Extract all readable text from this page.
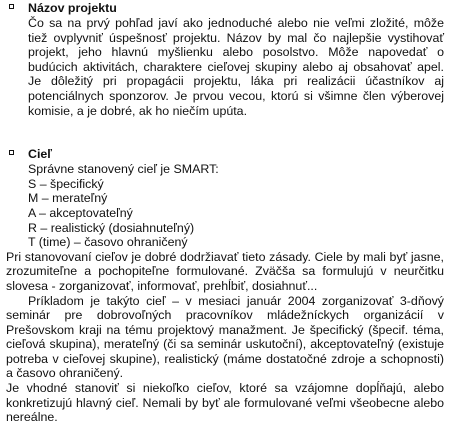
Názov projektu

Čo sa na prvý pohľad javí ako jednoduché alebo nie veľmi zložité, môže tiež ovplyvniť úspešnosť projektu. Názov by mal čo najlepšie vystihovať projekt, jeho hlavnú myšlienku alebo posolstvo. Môže napovedať o budúcich aktivitách, charaktere cieľovej skupiny alebo aj obsahovať apel. Je dôležitý pri propagácii projektu, láka pri realizácii účastníkov aj potenciálnych sponzorov. Je prvou vecou, ktorú si všimne člen výberovej komisie, a je dobré, ak ho niečím upúta.

Cieľ
Správne stanovený cieľ je SMART:
S – špecifický
M – merateľný
A – akceptovateľný
R – realistický (dosiahnuteľný)
T (time) – časovo ohraničený

Pri stanovovaní cieľov je dobré dodržiavať tieto zásady. Ciele by mali byť jasne, zrozumiteľne a pochopiteľne formulované. Zväčša sa formulujú v neurčitku slovesa - zorganizovať, informovať, prehĺbiť, dosiahnuť...

Príkladom je takýto cieľ – v mesiaci január 2004 zorganizovať 3-dňový seminár pre dobrovoľných pracovníkov mládežníckych organizácií v Prešovskom kraji na tému projektový manažment. Je špecifický (špecif. téma, cieľová skupina), merateľný (či sa seminár uskutoční), akceptovateľný (existuje potreba v cieľovej skupine), realistický (máme dostatočné zdroje a schopnosti) a časovo ohraničený.

Je vhodné stanoviť si niekoľko cieľov, ktoré sa vzájomne dopĺňajú, alebo konkretizujú hlavný cieľ. Nemali by byť ale formulované veľmi všeobecne alebo nereálne.
